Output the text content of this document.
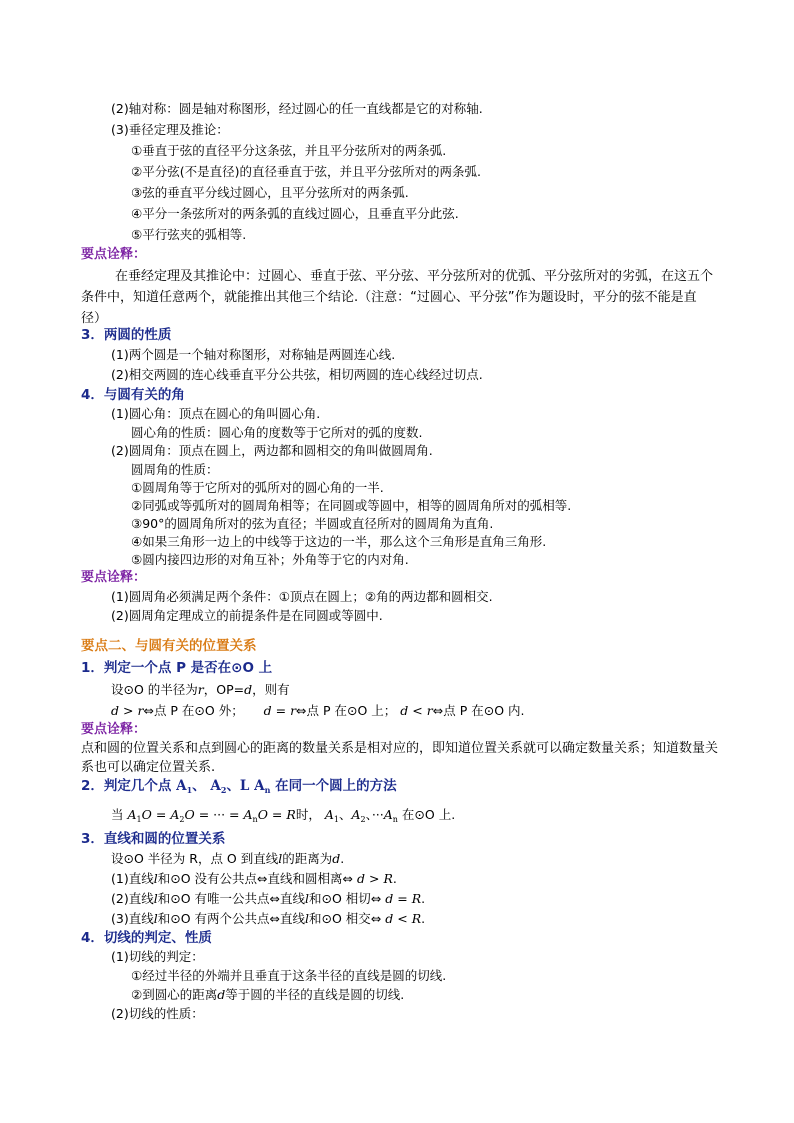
(2)轴对称：圆是轴对称图形，经过圆心的任一直线都是它的对称轴.
(3)垂径定理及推论：
①垂直于弦的直径平分这条弦，并且平分弦所对的两条弧.
②平分弦(不是直径)的直径垂直于弦，并且平分弦所对的两条弧.
③弦的垂直平分线过圆心，且平分弦所对的两条弧.
④平分一条弦所对的两条弧的直线过圆心，且垂直平分此弦.
⑤平行弦夹的弧相等.
要点诠释：
在垂经定理及其推论中：过圆心、垂直于弦、平分弦、平分弦所对的优弧、平分弦所对的劣弧，在这五个条件中，知道任意两个，就能推出其他三个结论.（注意：“过圆心、平分弦”作为题设时，平分的弦不能是直径）
3．两圆的性质
(1)两个圆是一个轴对称图形，对称轴是两圆连心线.
(2)相交两圆的连心线垂直平分公共弦，相切两圆的连心线经过切点.
4．与圆有关的角
(1)圆心角：顶点在圆心的角叫圆心角.
圆心角的性质：圆心角的度数等于它所对的弧的度数.
(2)圆周角：顶点在圆上，两边都和圆相交的角叫做圆周角.
圆周角的性质：
①圆周角等于它所对的弧所对的圆心角的一半.
②同弧或等弧所对的圆周角相等；在同圆或等圆中，相等的圆周角所对的弧相等.
③90°的圆周角所对的弦为直径；半圆或直径所对的圆周角为直角.
④如果三角形一边上的中线等于这边的一半，那么这个三角形是直角三角形.
⑤圆内接四边形的对角互补；外角等于它的内对角.
要点诠释：
(1)圆周角必须满足两个条件：①顶点在圆上；②角的两边都和圆相交.
(2)圆周角定理成立的前提条件是在同圆或等圆中.
要点二、与圆有关的位置关系
1．判定一个点 P 是否在⊙O 上
设⊙O 的半径为r，OP=d，则有
d > r⇔点 P 在⊙O 外； d = r⇔点 P 在⊙O 上； d < r⇔点 P 在⊙O 内.
要点诠释：
点和圆的位置关系和点到圆心的距离的数量关系是相对应的，即知道位置关系就可以确定数量关系；知道数量关系也可以确定位置关系.
2．判定几个点 $A_1$、 $A_2$、L $A_n$ 在同一个圆上的方法
当 $A_1O = A_2O$ = ··· = $A_nO = R$时， $A_1$、$A_2$、$\cdot\cdot\cdot A_n$ 在⊙O 上.
3．直线和圆的位置关系
设⊙O 半径为 R，点 O 到直线l的距离为d.
(1)直线l和⊙O 没有公共点⇔直线和圆相离⇔ d > R.
(2)直线l和⊙O 有唯一公共点⇔直线l和⊙O 相切⇔ d = R.
(3)直线l和⊙O 有两个公共点⇔直线l和⊙O 相交⇔ d < R.
4．切线的判定、性质
(1)切线的判定：
①经过半径的外端并且垂直于这条半径的直线是圆的切线.
②到圆心的距离d等于圆的半径的直线是圆的切线.
(2)切线的性质：
